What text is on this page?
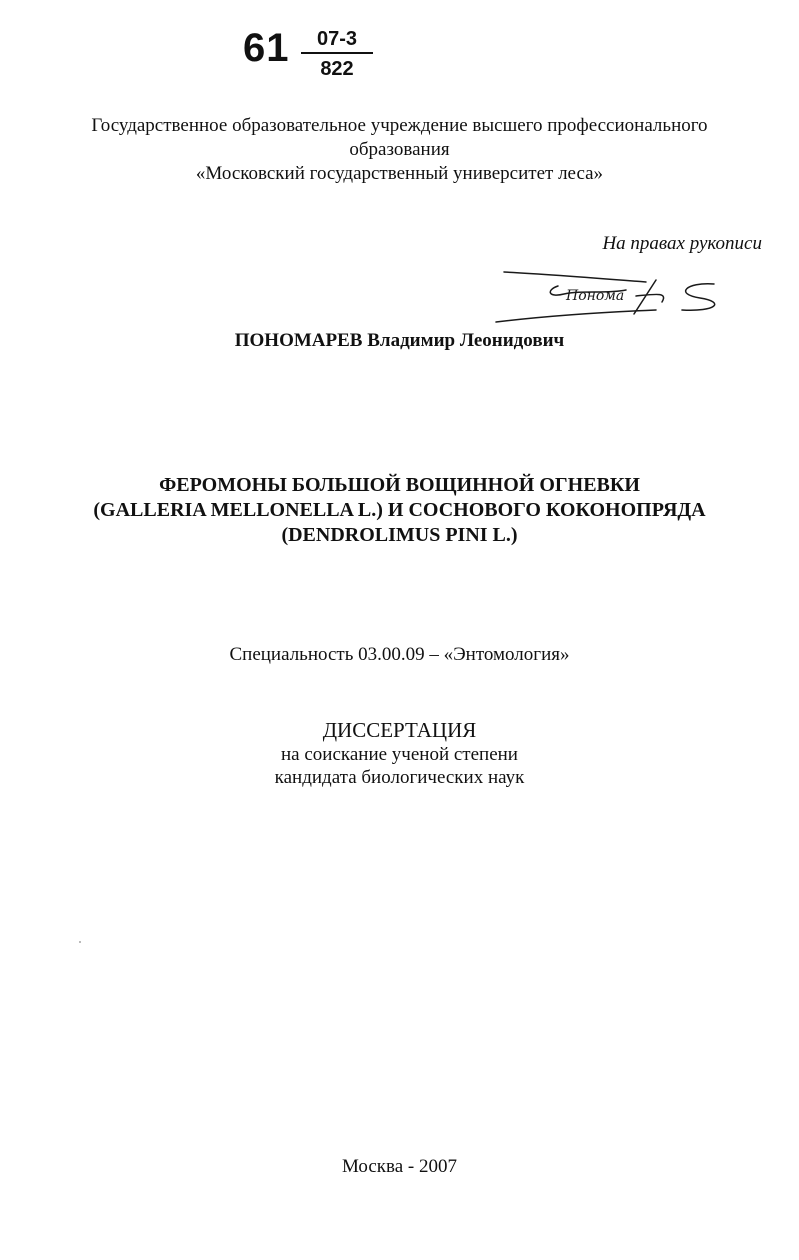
$61 \frac{07-3}{822}$
Государственное образовательное учреждение высшего профессионального
образования
«Московский государственный университет леса»
На правах рукописи
Понома
ПОНОМАРЕВ Владимир Леонидович
ФЕРОМОНЫ БОЛЬШОЙ ВОЩИННОЙ ОГНЕВКИ
(GALLERIA MELLONELLA L.) И СОСНОВОГО КОКОНОПРЯДА
(DENDROLIMUS PINI L.)
Специальность 03.00.09 – «Энтомология»
ДИССЕРТАЦИЯ
на соискание ученой степени
кандидата биологических наук
Москва - 2007
